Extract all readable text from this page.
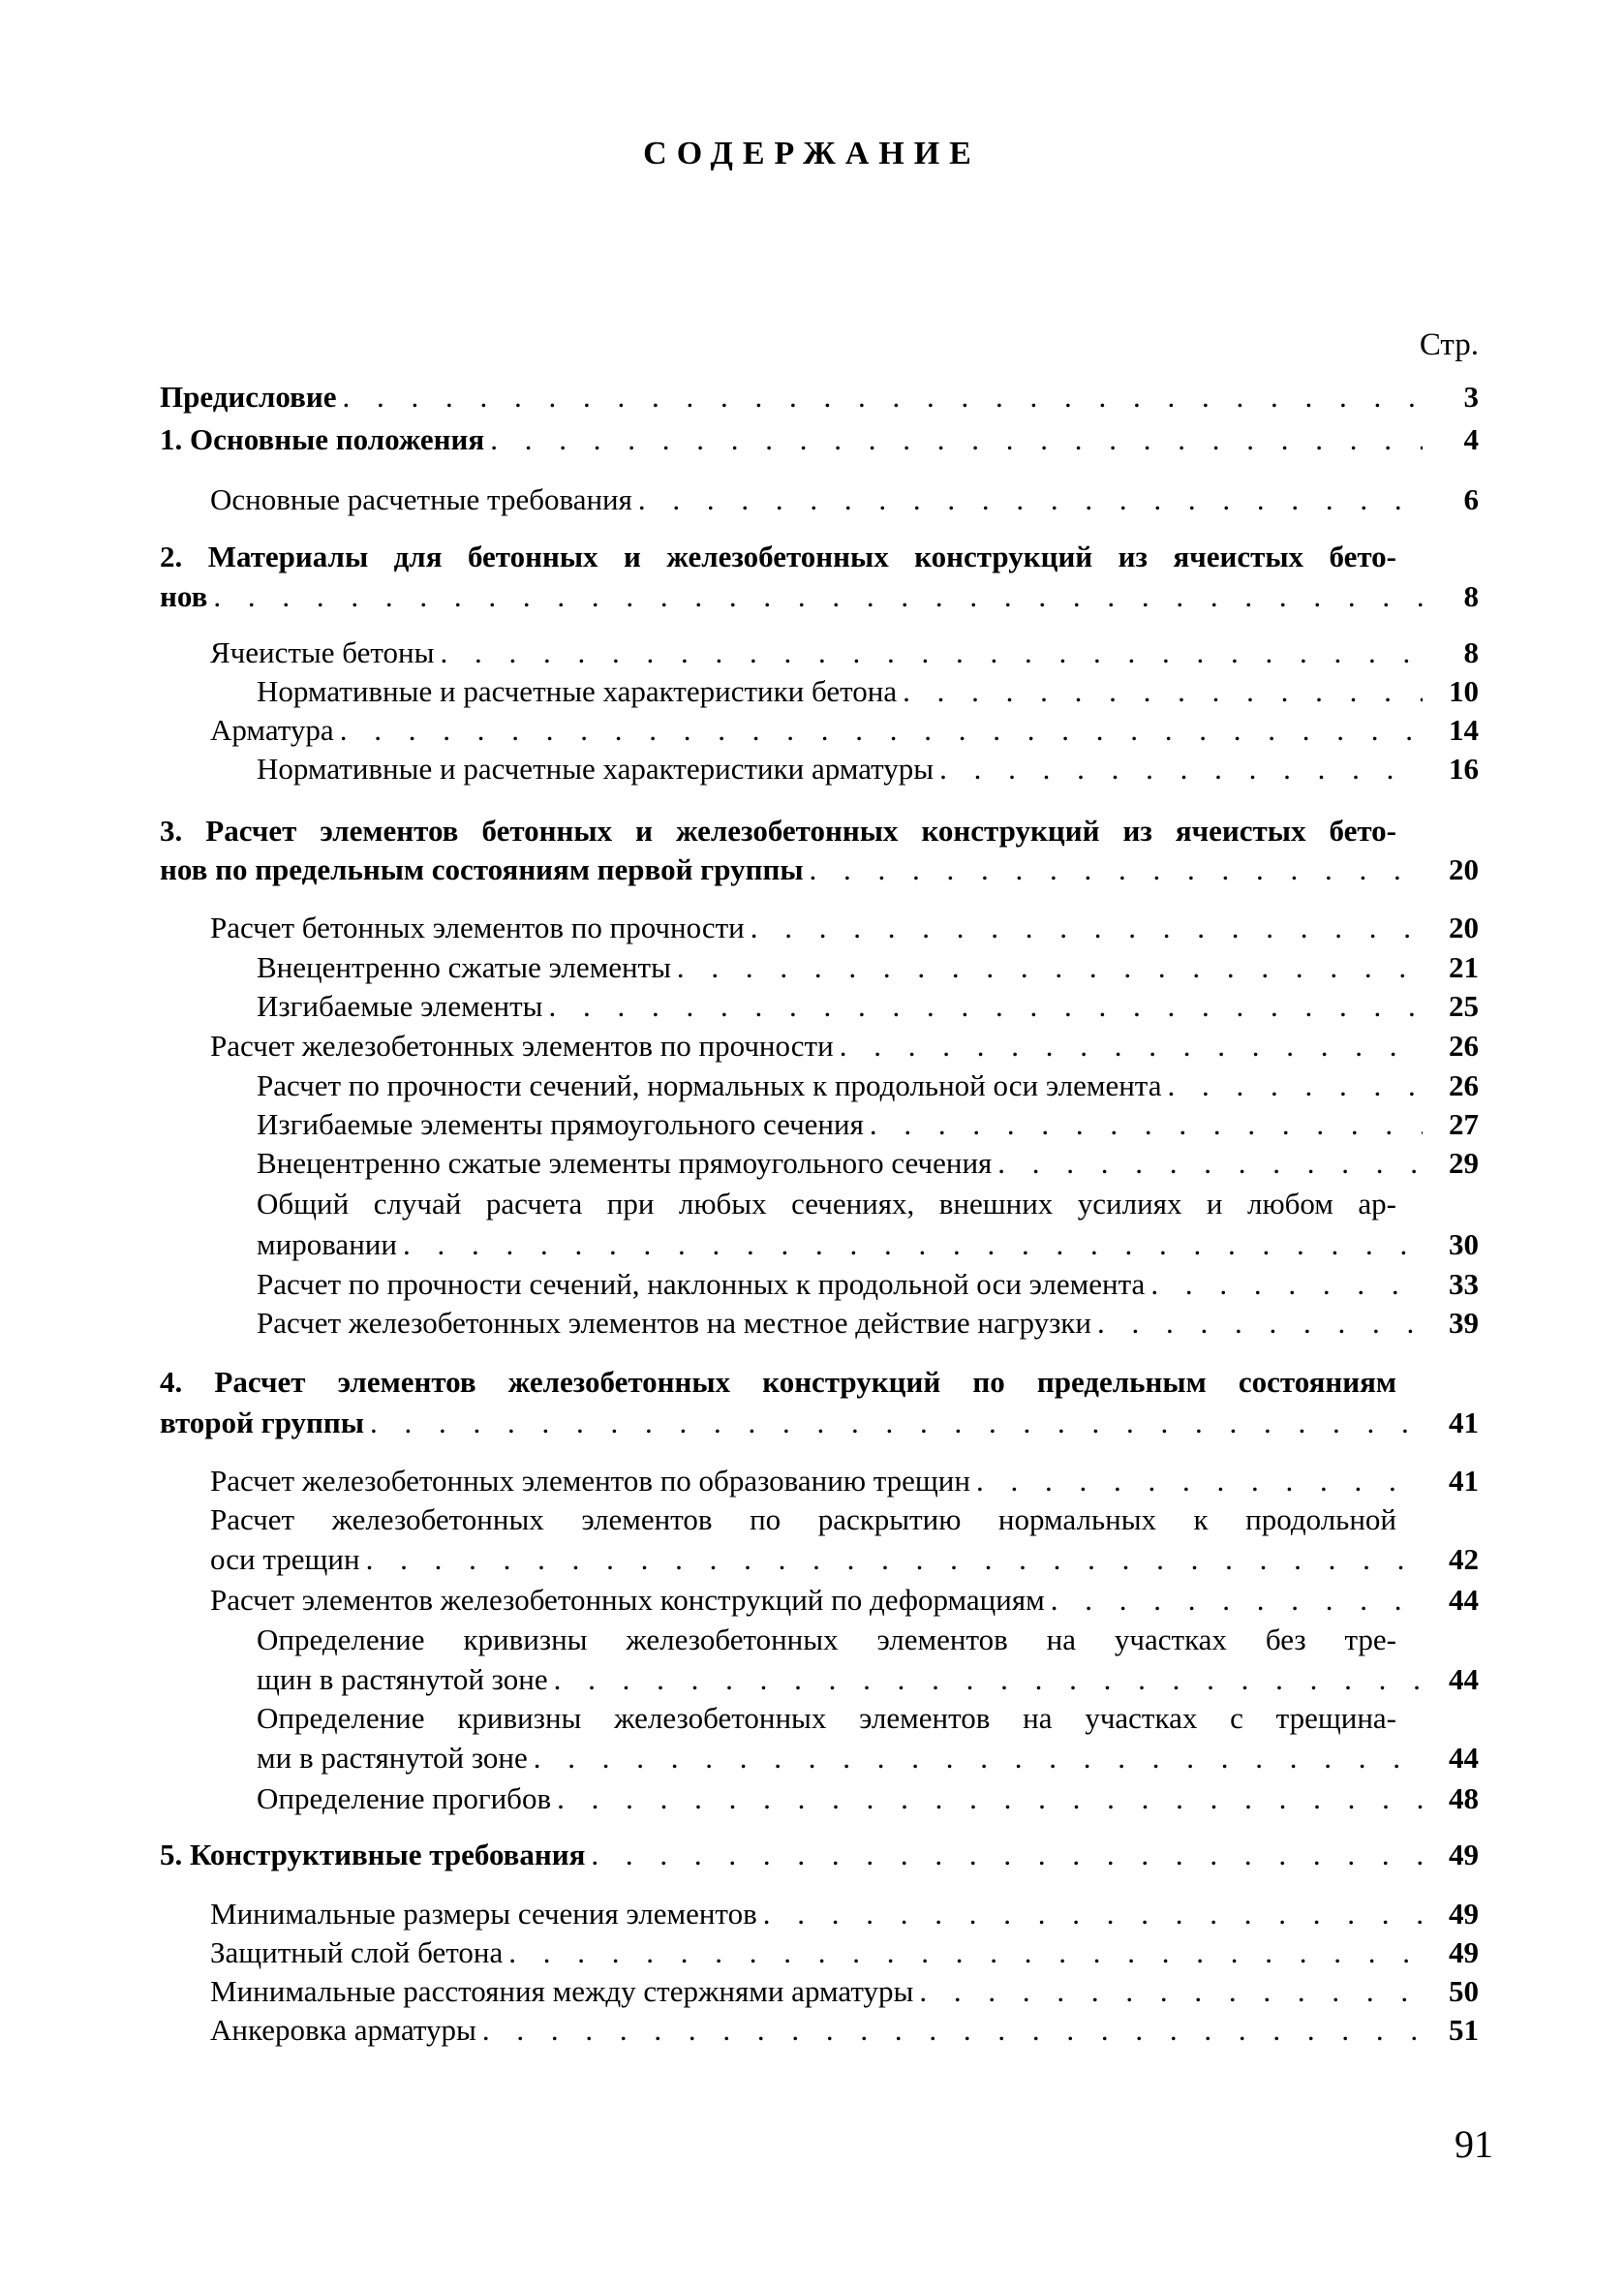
СОДЕРЖАНИЕ
Стр.
Предисловие . . .	3
1. Основные положения . . .	4
Основные расчетные требования . . .	6
2. Материалы для бетонных и железобетонных конструкций из ячеистых бето-
нов . . .	8
Ячеистые бетоны . . .	8
Нормативные и расчетные характеристики бетона . . .	10
Арматура . . .	14
Нормативные и расчетные характеристики арматуры . . .	16
3. Расчет элементов бетонных и железобетонных конструкций из ячеистых бето-
нов по предельным состояниям первой группы . . .	20
Расчет бетонных элементов по прочности . . .	20
Внецентренно сжатые элементы . . .	21
Изгибаемые элементы . . .	25
Расчет железобетонных элементов по прочности . . .	26
Расчет по прочности сечений, нормальных к продольной оси элемента . . .	26
Изгибаемые элементы прямоугольного сечения . . .	27
Внецентренно сжатые элементы прямоугольного сечения . . .	29
Общий случай расчета при любых сечениях, внешних усилиях и любом ар-
мировании . . .	30
Расчет по прочности сечений, наклонных к продольной оси элемента . . .	33
Расчет железобетонных элементов на местное действие нагрузки . . .	39
4. Расчет элементов железобетонных конструкций по предельным состояниям
второй группы . . .	41
Расчет железобетонных элементов по образованию трещин . . .	41
Расчет железобетонных элементов по раскрытию нормальных к продольной
оси трещин . . .	42
Расчет элементов железобетонных конструкций по деформациям . . .	44
Определение кривизны железобетонных элементов на участках без тре-
щин в растянутой зоне . . .	44
Определение кривизны железобетонных элементов на участках с трещина-
ми в растянутой зоне . . .	44
Определение прогибов . . .	48
5. Конструктивные требования . . .	49
Минимальные размеры сечения элементов . . .	49
Защитный слой бетона . . .	49
Минимальные расстояния между стержнями арматуры . . .	50
Анкеровка арматуры . . .	51
91
